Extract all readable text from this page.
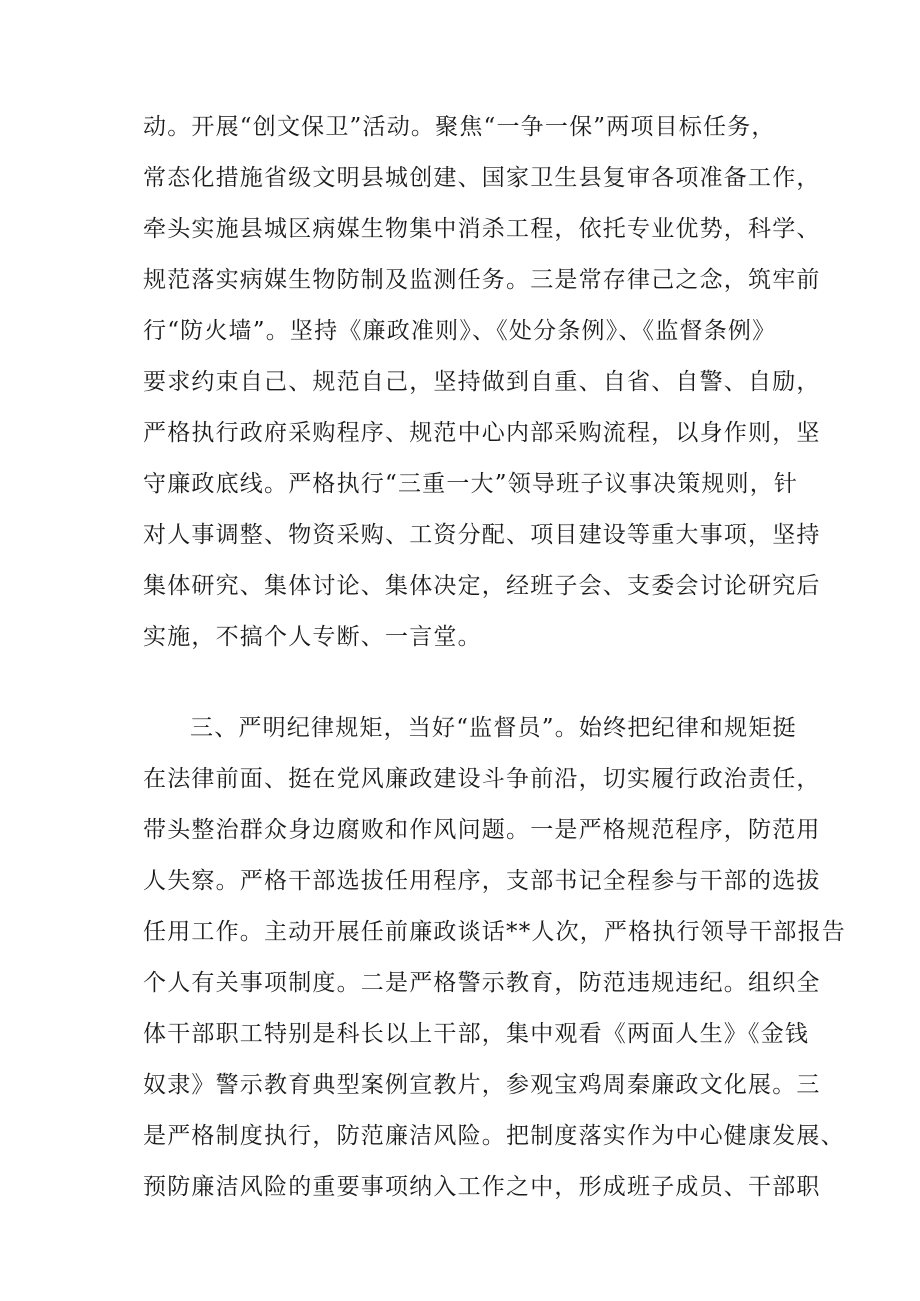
动。开展“创文保卫”活动。聚焦“一争一保”两项目标任务，
常态化措施省级文明县城创建、国家卫生县复审各项准备工作，
牵头实施县城区病媒生物集中消杀工程，依托专业优势，科学、
规范落实病媒生物防制及监测任务。三是常存律己之念，筑牢前
行“防火墙”。坚持《廉政准则》、《处分条例》、《监督条例》
要求约束自己、规范自己，坚持做到自重、自省、自警、自励，
严格执行政府采购程序、规范中心内部采购流程，以身作则，坚
守廉政底线。严格执行“三重一大”领导班子议事决策规则，针
对人事调整、物资采购、工资分配、项目建设等重大事项，坚持
集体研究、集体讨论、集体决定，经班子会、支委会讨论研究后
实施，不搞个人专断、一言堂。
三、严明纪律规矩，当好“监督员”。始终把纪律和规矩挺
在法律前面、挺在党风廉政建设斗争前沿，切实履行政治责任，
带头整治群众身边腐败和作风问题。一是严格规范程序，防范用
人失察。严格干部选拔任用程序，支部书记全程参与干部的选拔
任用工作。主动开展任前廉政谈话**人次，严格执行领导干部报告
个人有关事项制度。二是严格警示教育，防范违规违纪。组织全
体干部职工特别是科长以上干部，集中观看《两面人生》《金钱
奴隶》警示教育典型案例宣教片，参观宝鸡周秦廉政文化展。三
是严格制度执行，防范廉洁风险。把制度落实作为中心健康发展、
预防廉洁风险的重要事项纳入工作之中，形成班子成员、干部职
